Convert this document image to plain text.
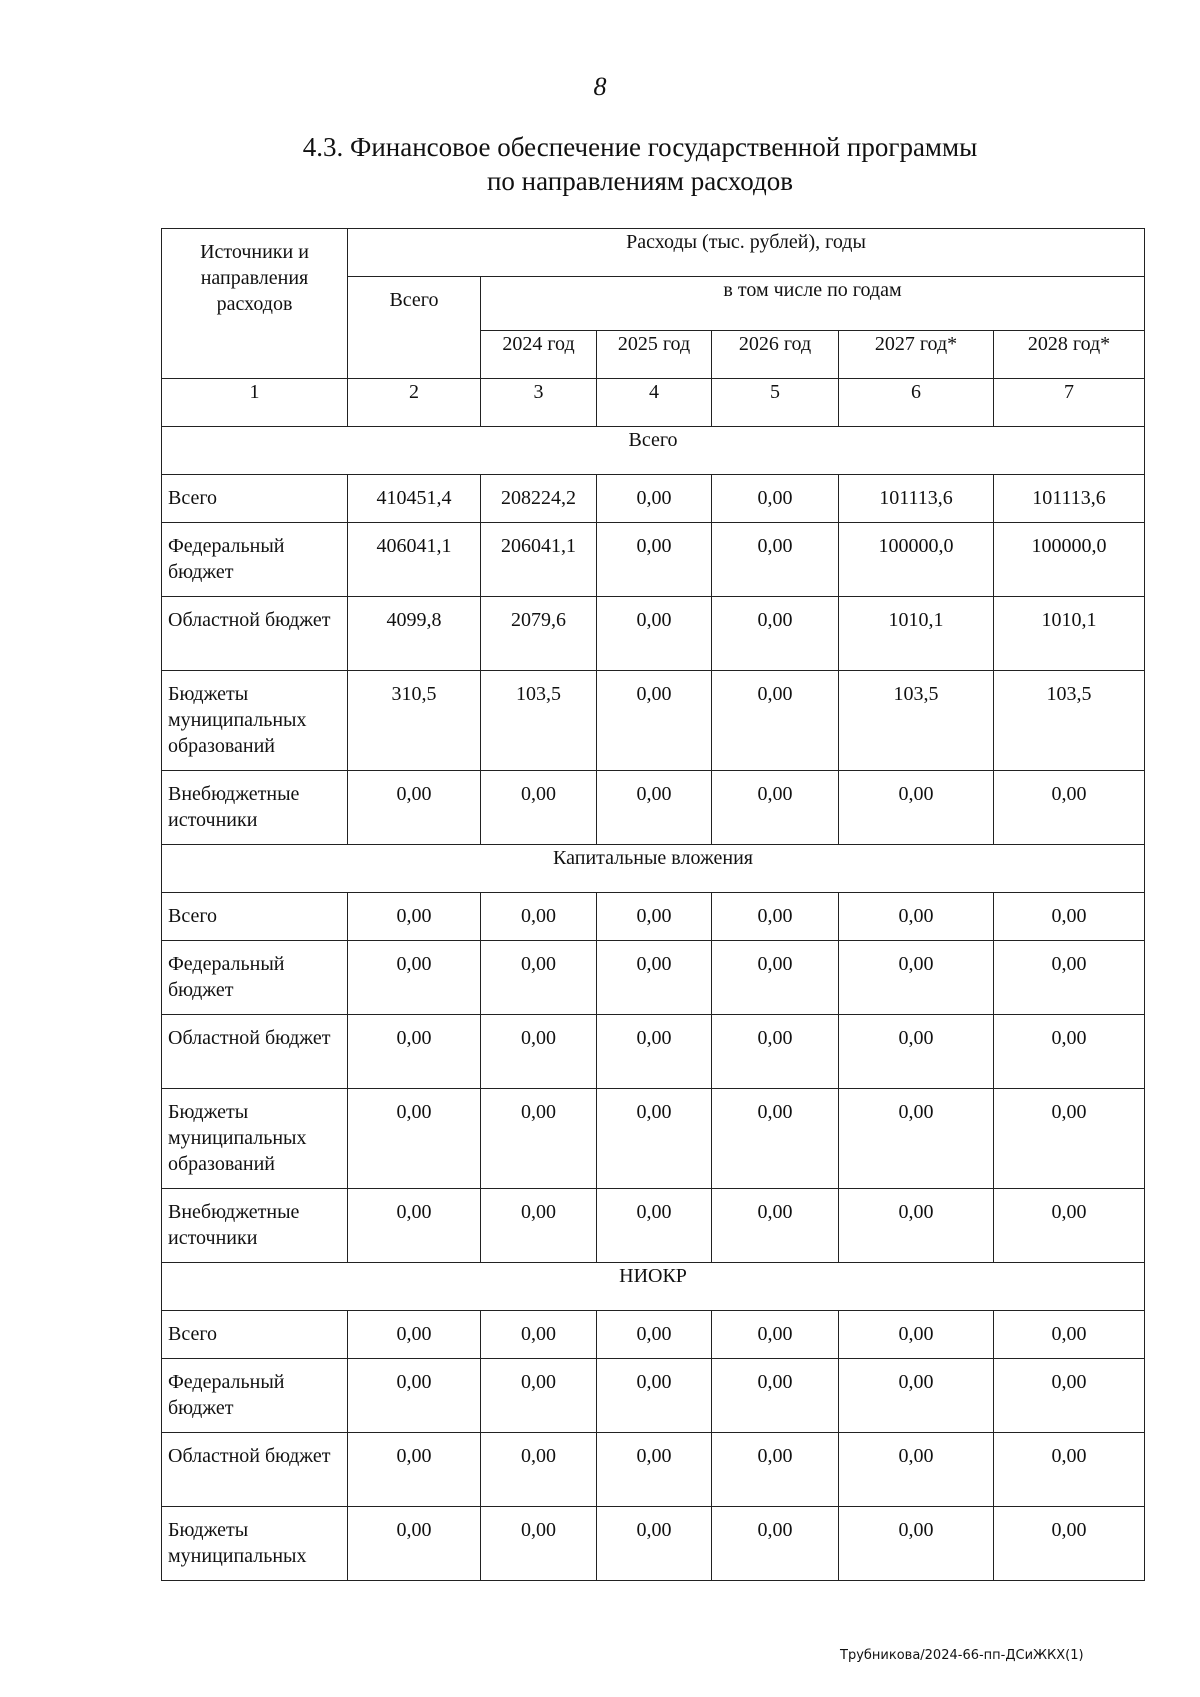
8
4.3. Финансовое обеспечение государственной программы
по направлениям расходов
Источники и направления расходов	Расходы (тыс. рублей), годы					
	Всего	в том числе по годам				
		2024 год	2025 год	2026 год	2027 год*	2028 год*
1	2	3	4	5	6	7
Всего						
Всего	410451,4	208224,2	0,00	0,00	101113,6	101113,6
Федеральный бюджет	406041,1	206041,1	0,00	0,00	100000,0	100000,0
Областной бюджет	4099,8	2079,6	0,00	0,00	1010,1	1010,1
Бюджеты муниципальных образований	310,5	103,5	0,00	0,00	103,5	103,5
Внебюджетные источники	0,00	0,00	0,00	0,00	0,00	0,00
Капитальные вложения						
Всего	0,00	0,00	0,00	0,00	0,00	0,00
Федеральный бюджет	0,00	0,00	0,00	0,00	0,00	0,00
Областной бюджет	0,00	0,00	0,00	0,00	0,00	0,00
Бюджеты муниципальных образований	0,00	0,00	0,00	0,00	0,00	0,00
Внебюджетные источники	0,00	0,00	0,00	0,00	0,00	0,00
НИОКР						
Всего	0,00	0,00	0,00	0,00	0,00	0,00
Федеральный бюджет	0,00	0,00	0,00	0,00	0,00	0,00
Областной бюджет	0,00	0,00	0,00	0,00	0,00	0,00
Бюджеты муниципальных	0,00	0,00	0,00	0,00	0,00	0,00
Трубникова/2024-66-пп-ДСиЖКХ(1)
